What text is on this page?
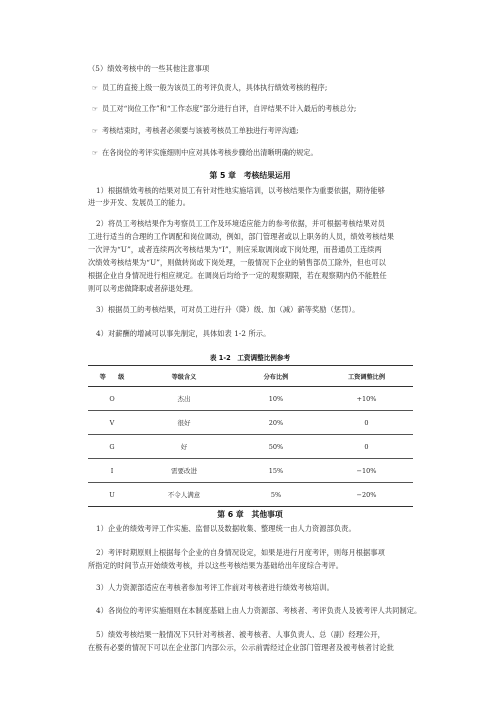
（5）绩效考核中的一些其他注意事项
☞ 员工的直接上级一般为该员工的考评负责人，具体执行绩效考核的程序;
☞ 员工对“岗位工作”和“工作态度”部分进行自评，自评结果不计入最后的考核总分;
☞ 考核结束时，考核者必须要与该被考核员工单独进行考评沟通;
☞ 在各岗位的考评实施细则中应对具体考核步骤给出清晰明确的规定。
第 5 章　考核结果运用
1）根据绩效考核的结果对员工有针对性地实施培训，以考核结果作为重要依据，期待能够
进一步开发、发展员工的能力。
2）将员工考核结果作为考察员工工作及环境适应能力的参考依据，并可根据考核结果对员
工进行适当的合理的工作调配和岗位调动，例如，部门管理者或以上职务的人员，绩效考核结果
一次评为“U”，或者连续两次考核结果为“I”，则应采取调岗或下岗处理，而普通员工连续两
次绩效考核结果为“U”，则做转岗或下岗处理，一般情况下企业的销售部员工除外，但也可以
根据企业自身情况进行相应规定。在调岗后均给予一定的观察期限，若在观察期内仍不能胜任
则可以考虑做降职或者辞退处理。
3）根据员工的考核结果，可对员工进行升（降）级、加（减）薪等奖励（惩罚）。
4）对薪酬的增减可以事先制定，具体如表 1-2 所示。
表 1-2　工资调整比例参考
等　　级	等级含义	分布比例	工资调整比例
O	杰出	10%	+10%
V	很好	20%	0
G	好	50%	0
I	需要改进	15%	−10%
U	不令人满意	5%	−20%
第 6 章　其他事项
1）企业的绩效考评工作实施、监督以及数据收集、整理统一由人力资源部负责。
2）考评时期原则上根据每个企业的自身情况设定，如果是进行月度考评，则每月根据事项
所指定的时间节点开始绩效考核，并以这些考核结果为基础给出年度综合考评。
3）人力资源部适应在考核者参加考评工作前对考核者进行绩效考核培训。
4）各岗位的考评实施细则在本制度基础上由人力资源部、考核者、考评负责人及被考评人共同制定。
5）绩效考核结果一般情况下只针对考核者、被考核者、人事负责人、总（副）经理公开，
在极有必要的情况下可以在企业部门内部公示，公示前需经过企业部门管理者及被考核者讨论批
